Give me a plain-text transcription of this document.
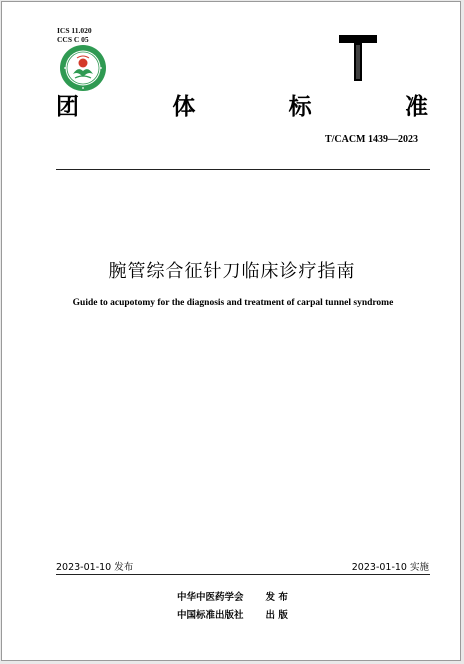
ICS 11.020
CCS C 05
团	体	标	准
T/CACM 1439—2023
腕管综合征针刀临床诊疗指南
Guide to acupotomy for the diagnosis and treatment of carpal tunnel syndrome
2023-01-10 发布	2023-01-10 实施
中华中医药学会 发 布
中国标准出版社 出 版
